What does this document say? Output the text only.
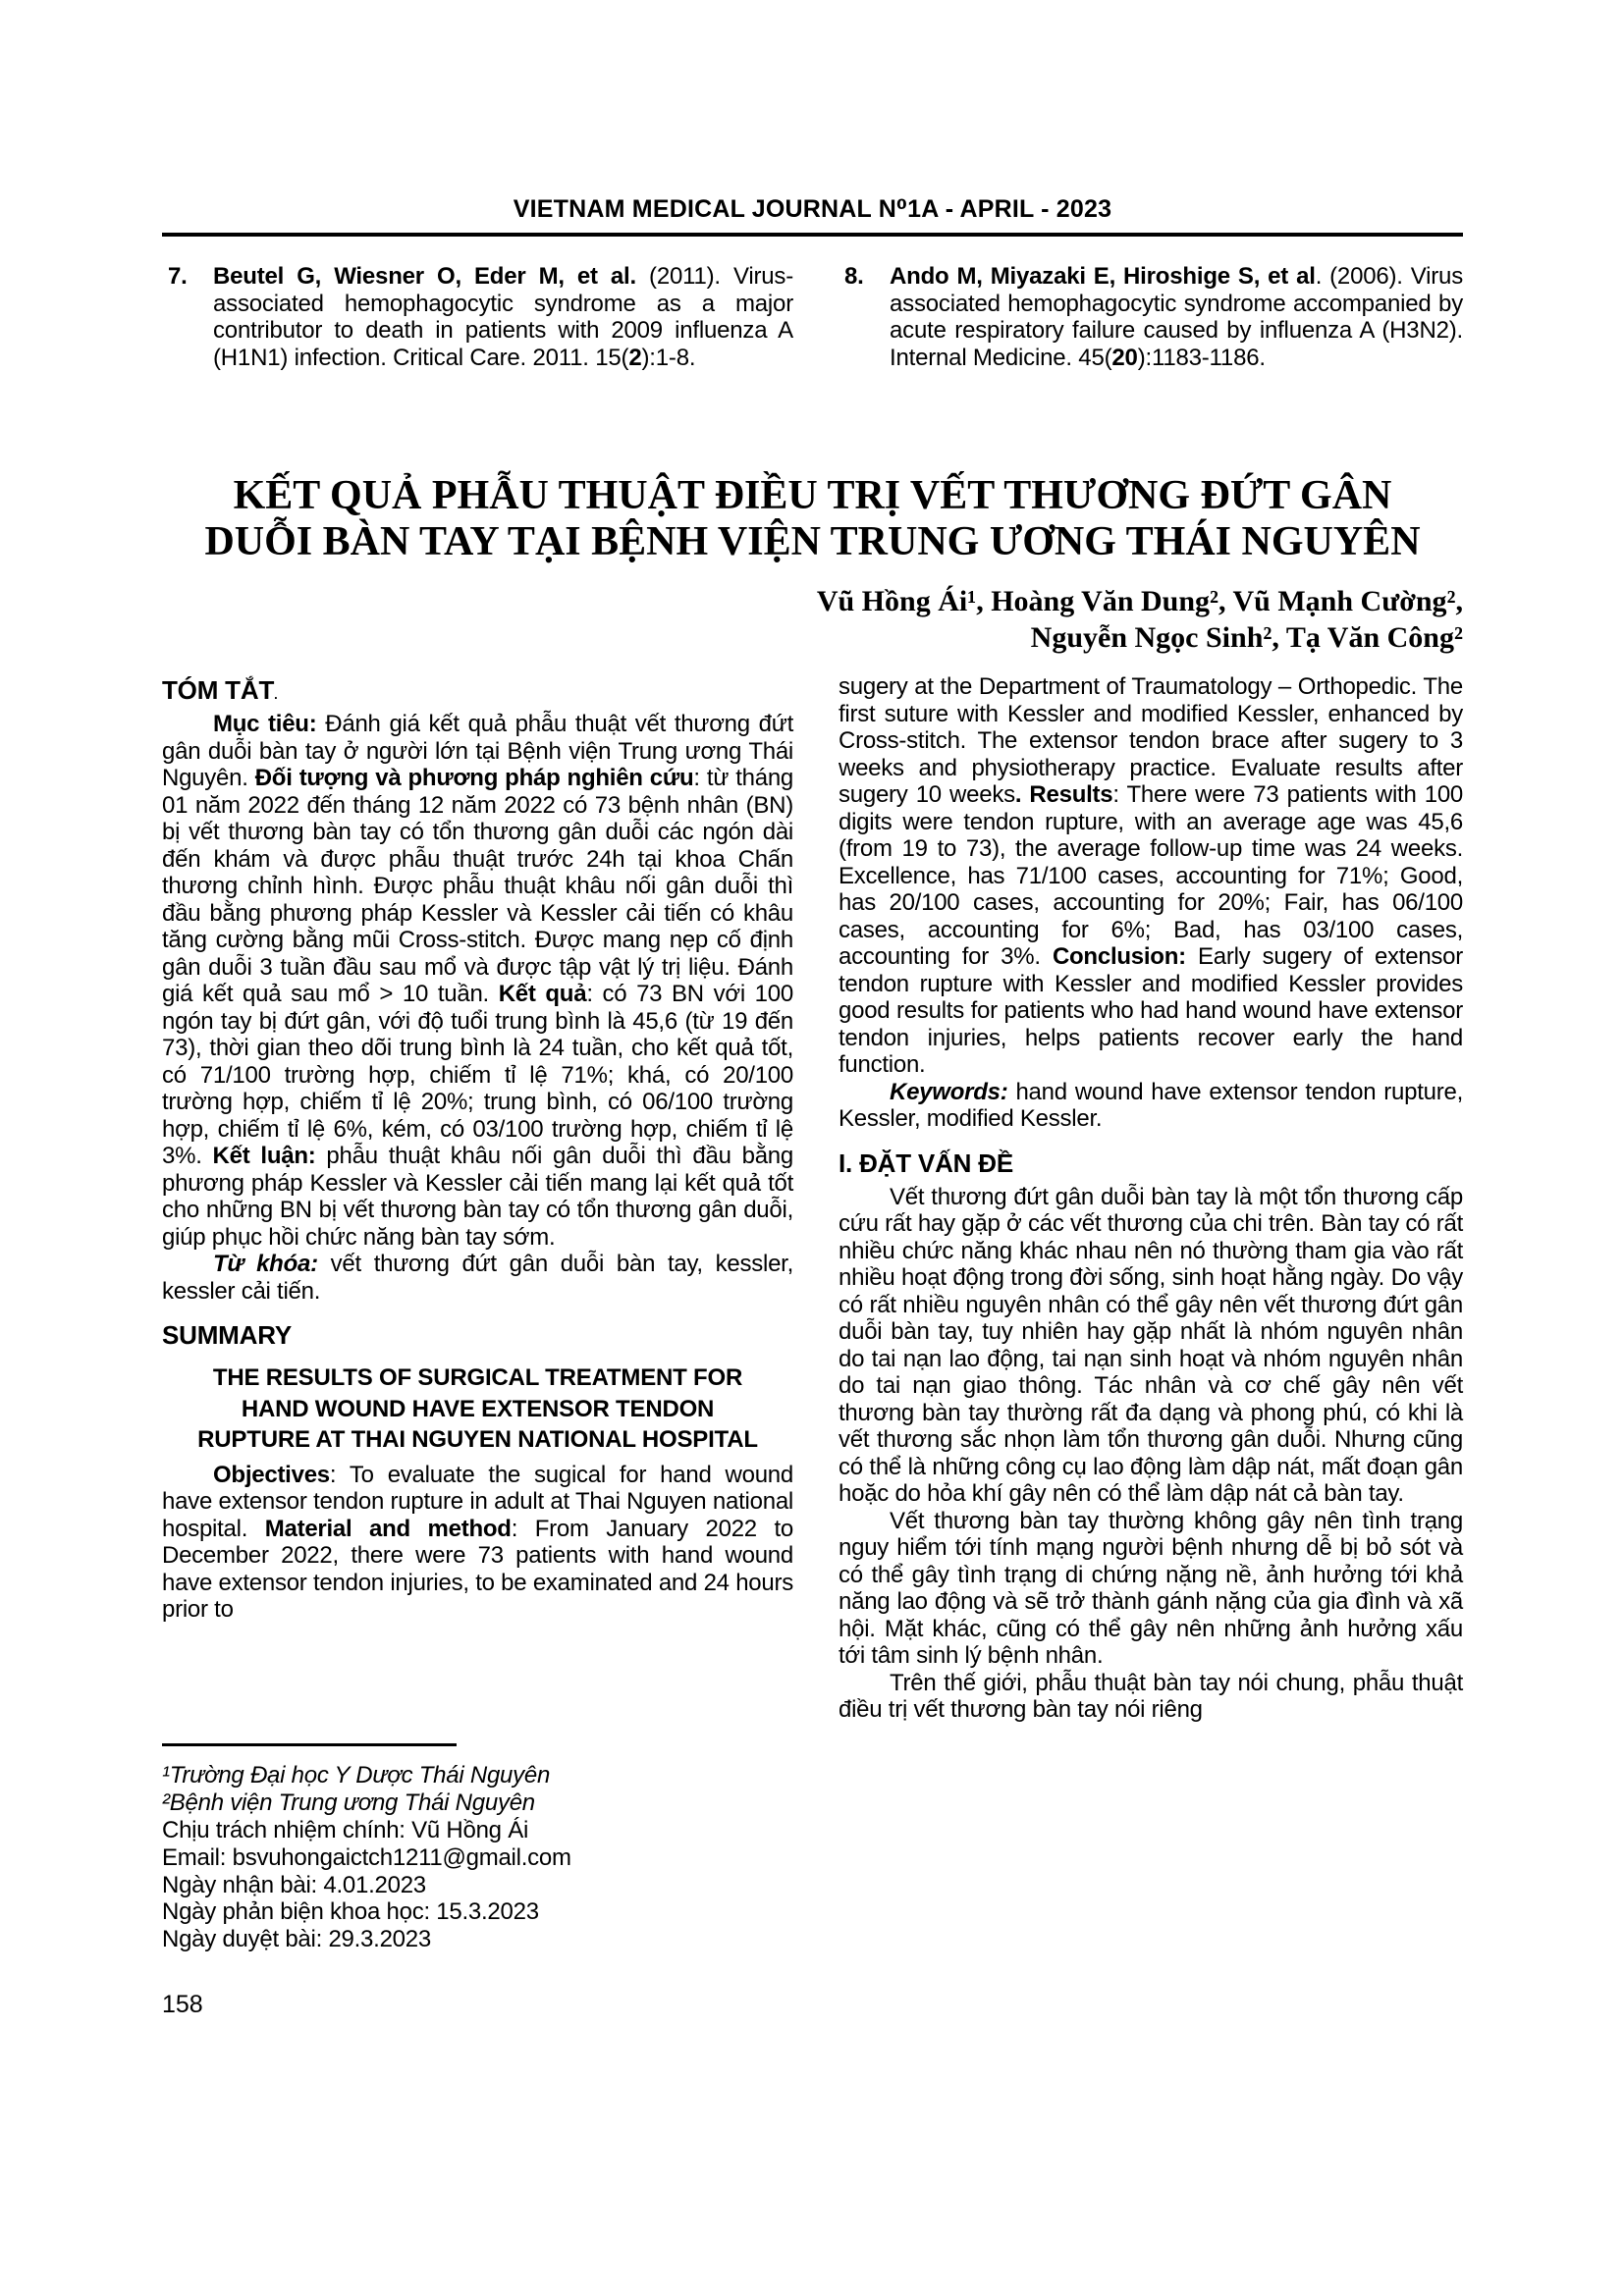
VIETNAM MEDICAL JOURNAL N⁰1A - APRIL - 2023
7. Beutel G, Wiesner O, Eder M, et al. (2011). Virus-associated hemophagocytic syndrome as a major contributor to death in patients with 2009 influenza A (H1N1) infection. Critical Care. 2011. 15(2):1-8.
8. Ando M, Miyazaki E, Hiroshige S, et al. (2006). Virus associated hemophagocytic syndrome accompanied by acute respiratory failure caused by influenza A (H3N2). Internal Medicine. 45(20):1183-1186.
KẾT QUẢ PHẪU THUẬT ĐIỀU TRỊ VẾT THƯƠNG ĐỨT GÂN
DUỖI BÀN TAY TẠI BỆNH VIỆN TRUNG ƯƠNG THÁI NGUYÊN
Vũ Hồng Ái¹, Hoàng Văn Dung², Vũ Mạnh Cường²,
Nguyễn Ngọc Sinh², Tạ Văn Công²
TÓM TẮT.

Mục tiêu: Đánh giá kết quả phẫu thuật vết thương đứt gân duỗi bàn tay ở người lớn tại Bệnh viện Trung ương Thái Nguyên. Đối tượng và phương pháp nghiên cứu: từ tháng 01 năm 2022 đến tháng 12 năm 2022 có 73 bệnh nhân (BN) bị vết thương bàn tay có tổn thương gân duỗi các ngón dài đến khám và được phẫu thuật trước 24h tại khoa Chấn thương chỉnh hình. Được phẫu thuật khâu nối gân duỗi thì đầu bằng phương pháp Kessler và Kessler cải tiến có khâu tăng cường bằng mũi Cross-stitch. Được mang nẹp cố định gân duỗi 3 tuần đầu sau mổ và được tập vật lý trị liệu. Đánh giá kết quả sau mổ > 10 tuần. Kết quả: có 73 BN với 100 ngón tay bị đứt gân, với độ tuổi trung bình là 45,6 (từ 19 đến 73), thời gian theo dõi trung bình là 24 tuần, cho kết quả tốt, có 71/100 trường hợp, chiếm tỉ lệ 71%; khá, có 20/100 trường hợp, chiếm tỉ lệ 20%; trung bình, có 06/100 trường hợp, chiếm tỉ lệ 6%, kém, có 03/100 trường hợp, chiếm tỉ lệ 3%. Kết luận: phẫu thuật khâu nối gân duỗi thì đầu bằng phương pháp Kessler và Kessler cải tiến mang lại kết quả tốt cho những BN bị vết thương bàn tay có tổn thương gân duỗi, giúp phục hồi chức năng bàn tay sớm.

Từ khóa: vết thương đứt gân duỗi bàn tay, kessler, kessler cải tiến.

SUMMARY
THE RESULTS OF SURGICAL TREATMENT FOR HAND WOUND HAVE EXTENSOR TENDON RUPTURE AT THAI NGUYEN NATIONAL HOSPITAL

Objectives: To evaluate the sugical for hand wound have extensor tendon rupture in adult at Thai Nguyen national hospital. Material and method: From January 2022 to December 2022, there were 73 patients with hand wound have extensor tendon injuries, to be examinated and 24 hours prior to

¹Trường Đại học Y Dược Thái Nguyên
²Bệnh viện Trung ương Thái Nguyên
Chịu trách nhiệm chính: Vũ Hồng Ái
Email: bsvuhongaictch1211@gmail.com
Ngày nhận bài: 4.01.2023
Ngày phản biện khoa học: 15.3.2023
Ngày duyệt bài: 29.3.2023

sugery at the Department of Traumatology – Orthopedic. The first suture with Kessler and modified Kessler, enhanced by Cross-stitch. The extensor tendon brace after sugery to 3 weeks and physiotherapy practice. Evaluate results after sugery 10 weeks. Results: There were 73 patients with 100 digits were tendon rupture, with an average age was 45,6 (from 19 to 73), the average follow-up time was 24 weeks. Excellence, has 71/100 cases, accounting for 71%; Good, has 20/100 cases, accounting for 20%; Fair, has 06/100 cases, accounting for 6%; Bad, has 03/100 cases, accounting for 3%. Conclusion: Early sugery of extensor tendon rupture with Kessler and modified Kessler provides good results for patients who had hand wound have extensor tendon injuries, helps patients recover early the hand function.

Keywords: hand wound have extensor tendon rupture, Kessler, modified Kessler.

I. ĐẶT VẤN ĐỀ

Vết thương đứt gân duỗi bàn tay là một tổn thương cấp cứu rất hay gặp ở các vết thương của chi trên. Bàn tay có rất nhiều chức năng khác nhau nên nó thường tham gia vào rất nhiều hoạt động trong đời sống, sinh hoạt hằng ngày. Do vậy có rất nhiều nguyên nhân có thể gây nên vết thương đứt gân duỗi bàn tay, tuy nhiên hay gặp nhất là nhóm nguyên nhân do tai nạn lao động, tai nạn sinh hoạt và nhóm nguyên nhân do tai nạn giao thông. Tác nhân và cơ chế gây nên vết thương bàn tay thường rất đa dạng và phong phú, có khi là vết thương sắc nhọn làm tổn thương gân duỗi. Nhưng cũng có thể là những công cụ lao động làm dập nát, mất đoạn gân hoặc do hỏa khí gây nên có thể làm dập nát cả bàn tay.

Vết thương bàn tay thường không gây nên tình trạng nguy hiểm tới tính mạng người bệnh nhưng dễ bị bỏ sót và có thể gây tình trạng di chứng nặng nề, ảnh hưởng tới khả năng lao động và sẽ trở thành gánh nặng của gia đình và xã hội. Mặt khác, cũng có thể gây nên những ảnh hưởng xấu tới tâm sinh lý bệnh nhân.

Trên thế giới, phẫu thuật bàn tay nói chung, phẫu thuật điều trị vết thương bàn tay nói riêng

158
